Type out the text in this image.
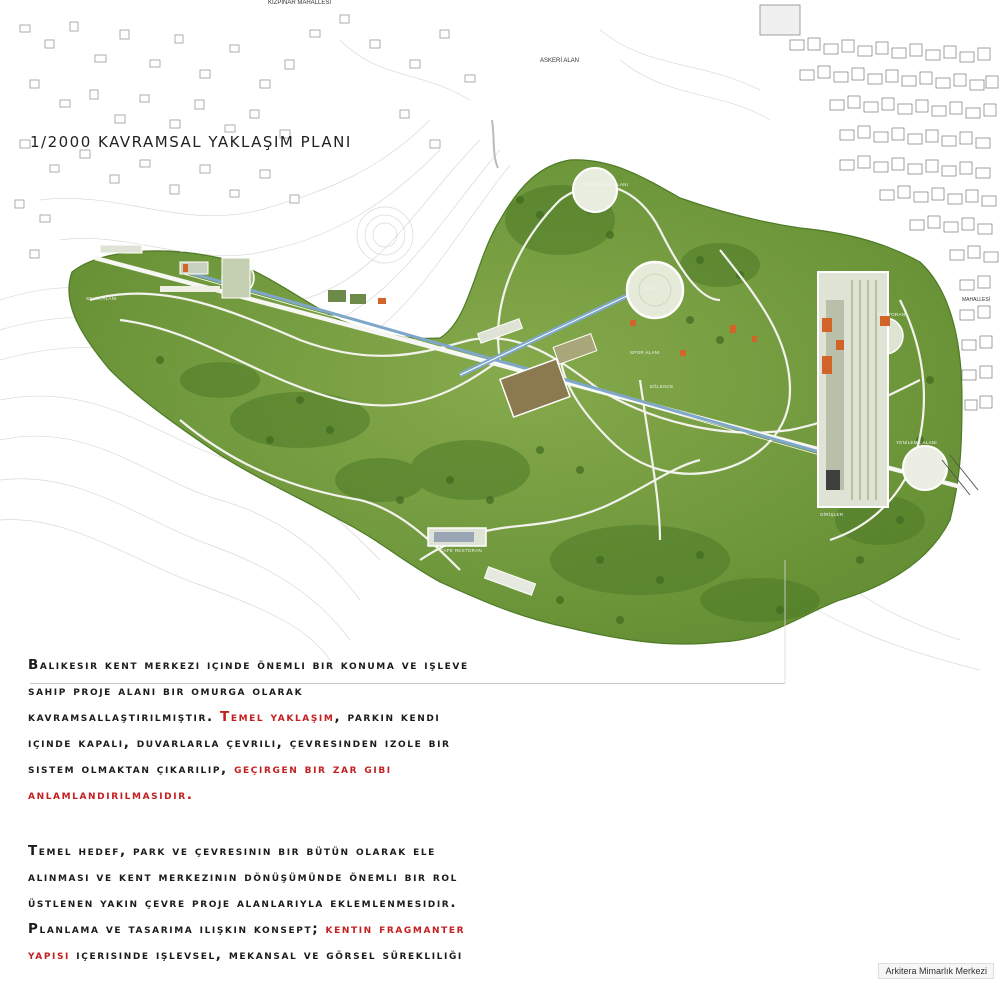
1/2000 KAVRAMSAL YAKLAŞIM PLANI
KIZPINAR MAHALLESİ
ASKERİ ALAN
MAHALLESİ
BALKAYA & KAFE
GÖZETLEME ALANI
KAFE
RESTORAN
SEYİR ALANI
EĞLENCE
SPOR ALANI
YENİLEME ALANI
CAFE RESTORAN
GİRİŞLER
Balıkesir kent merkezi içinde önemli bir konuma ve işleve
sahip proje alanı bir omurga olarak
kavramsallaştırılmıştır. Temel yaklaşım, parkın kendi
içinde kapalı, duvarlarla çevrili, çevresinden izole bir
sistem olmaktan çıkarılıp, geçirgen bir zar gibi
anlamlandırılmasıdır.
Temel hedef, park ve çevresinin bir bütün olarak ele
alınması ve kent merkezinin dönüşümünde önemli bir rol
üstlenen yakın çevre proje alanlarıyla eklemlenmesidir.
Planlama ve tasarıma ilişkin konsept; kentin fragmanter
yapısı içerisinde işlevsel, mekansal ve görsel sürekliliği
Arkitera Mimarlık Merkezi
